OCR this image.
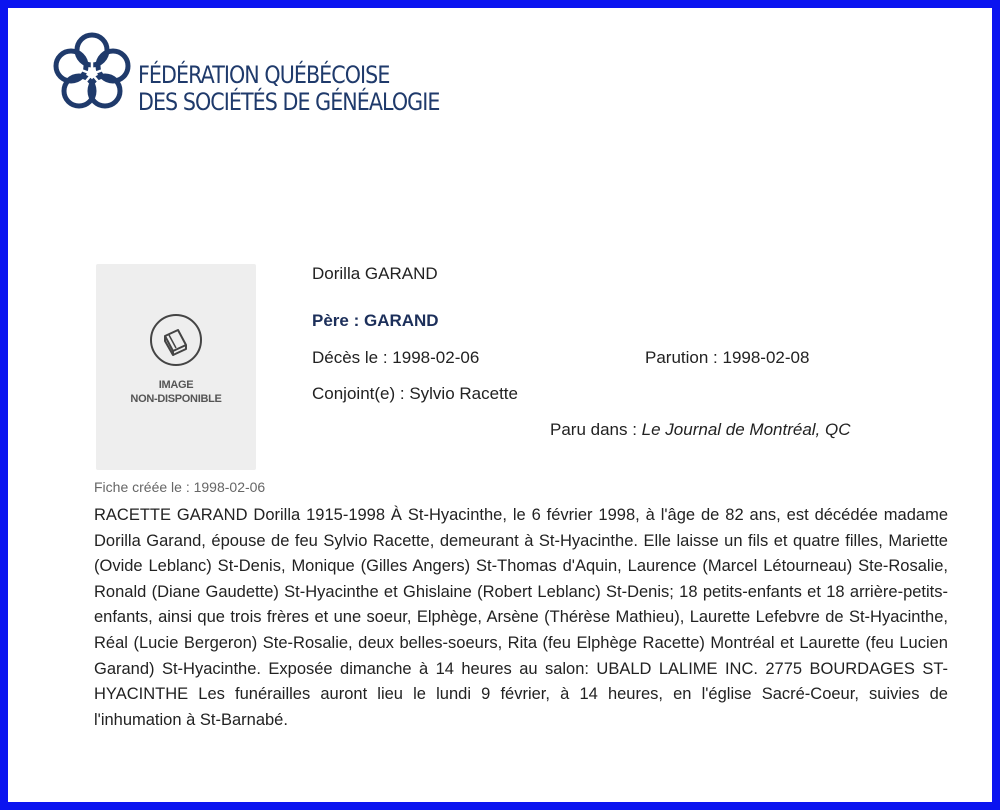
FÉDÉRATION QUÉBÉCOISE
DES SOCIÉTÉS DE GÉNÉALOGIE
IMAGE
NON-DISPONIBLE
Dorilla GARAND
Père : GARAND
Décès le : 1998-02-06	Parution : 1998-02-08
Conjoint(e) : Sylvio Racette
Paru dans : Le Journal de Montréal, QC
Fiche créée le : 1998-02-06

RACETTE GARAND Dorilla 1915-1998 À St-Hyacinthe, le 6 février 1998, à l'âge de 82 ans, est décédée madame Dorilla Garand, épouse de feu Sylvio Racette, demeurant à St-Hyacinthe. Elle laisse un fils et quatre filles, Mariette (Ovide Leblanc) St-Denis, Monique (Gilles Angers) St-Thomas d'Aquin, Laurence (Marcel Létourneau) Ste-Rosalie, Ronald (Diane Gaudette) St-Hyacinthe et Ghislaine (Robert Leblanc) St-Denis; 18 petits-enfants et 18 arrière-petits-enfants, ainsi que trois frères et une soeur, Elphège, Arsène (Thérèse Mathieu), Laurette Lefebvre de St-Hyacinthe, Réal (Lucie Bergeron) Ste-Rosalie, deux belles-soeurs, Rita (feu Elphège Racette) Montréal et Laurette (feu Lucien Garand) St-Hyacinthe. Exposée dimanche à 14 heures au salon: UBALD LALIME INC. 2775 BOURDAGES ST-HYACINTHE Les funérailles auront lieu le lundi 9 février, à 14 heures, en l'église Sacré-Coeur, suivies de l'inhumation à St-Barnabé.
